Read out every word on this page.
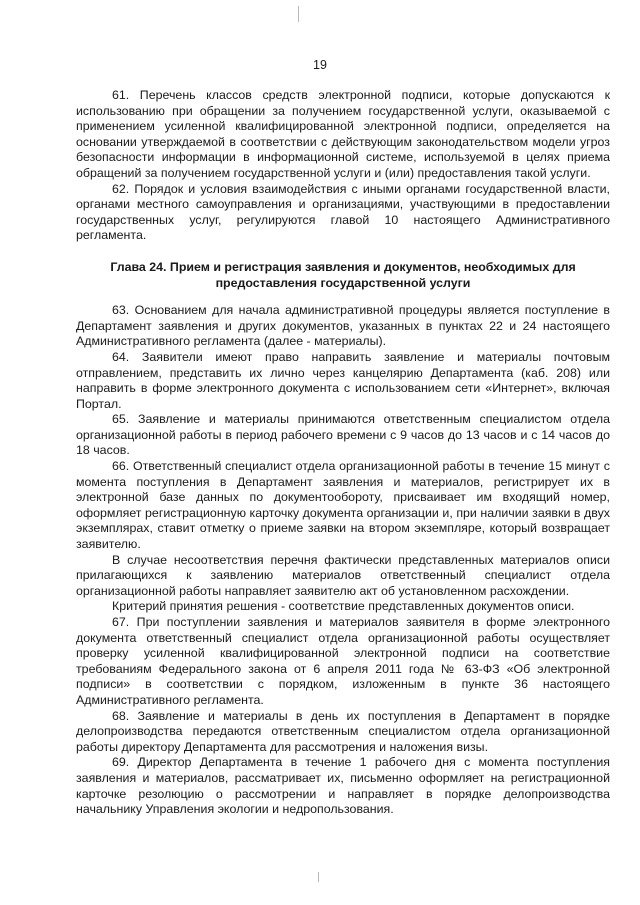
19

61. Перечень классов средств электронной подписи, которые допускаются к использованию при обращении за получением государственной услуги, оказываемой с применением усиленной квалифицированной электронной подписи, определяется на основании утверждаемой в соответствии с действующим законодательством модели угроз безопасности информации в информационной системе, используемой в целях приема обращений за получением государственной услуги и (или) предоставления такой услуги.

62. Порядок и условия взаимодействия с иными органами государственной власти, органами местного самоуправления и организациями, участвующими в предоставлении государственных услуг, регулируются главой 10 настоящего Административного регламента.

Глава 24. Прием и регистрация заявления и документов, необходимых для предоставления государственной услуги

63. Основанием для начала административной процедуры является поступление в Департамент заявления и других документов, указанных в пунктах 22 и 24 настоящего Административного регламента (далее - материалы).

64. Заявители имеют право направить заявление и материалы почтовым отправлением, представить их лично через канцелярию Департамента (каб. 208) или направить в форме электронного документа с использованием сети «Интернет», включая Портал.

65. Заявление и материалы принимаются ответственным специалистом отдела организационной работы в период рабочего времени с 9 часов до 13 часов и с 14 часов до 18 часов.

66. Ответственный специалист отдела организационной работы в течение 15 минут с момента поступления в Департамент заявления и материалов, регистрирует их в электронной базе данных по документообороту, присваивает им входящий номер, оформляет регистрационную карточку документа организации и, при наличии заявки в двух экземплярах, ставит отметку о приеме заявки на втором экземпляре, который возвращает заявителю.

В случае несоответствия перечня фактически представленных материалов описи прилагающихся к заявлению материалов ответственный специалист отдела организационной работы направляет заявителю акт об установленном расхождении.

Критерий принятия решения - соответствие представленных документов описи.

67. При поступлении заявления и материалов заявителя в форме электронного документа ответственный специалист отдела организационной работы осуществляет проверку усиленной квалифицированной электронной подписи на соответствие требованиям Федерального закона от 6 апреля 2011 года № 63-ФЗ «Об электронной подписи» в соответствии с порядком, изложенным в пункте 36 настоящего Административного регламента.

68. Заявление и материалы в день их поступления в Департамент в порядке делопроизводства передаются ответственным специалистом отдела организационной работы директору Департамента для рассмотрения и наложения визы.

69. Директор Департамента в течение 1 рабочего дня с момента поступления заявления и материалов, рассматривает их, письменно оформляет на регистрационной карточке резолюцию о рассмотрении и направляет в порядке делопроизводства начальнику Управления экологии и недропользования.
